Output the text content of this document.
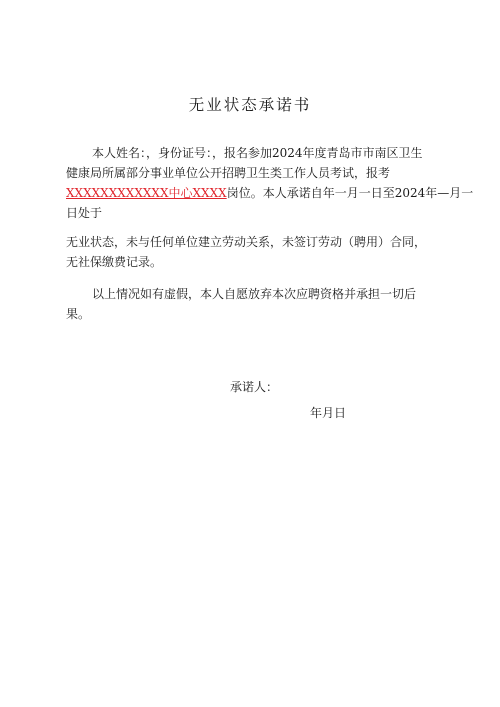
无业状态承诺书
本人姓名：，身份证号：，报名参加2024年度青岛市市南区卫生
健康局所属部分事业单位公开招聘卫生类工作人员考试，报考
XXXXXXXXXXXX中心XXXX岗位。本人承诺自年一月一日至2024年—月一
日处于
无业状态，未与任何单位建立劳动关系，未签订劳动（聘用）合同，
无社保缴费记录。
以上情况如有虚假，本人自愿放弃本次应聘资格并承担一切后
果。
承诺人：
年月日
